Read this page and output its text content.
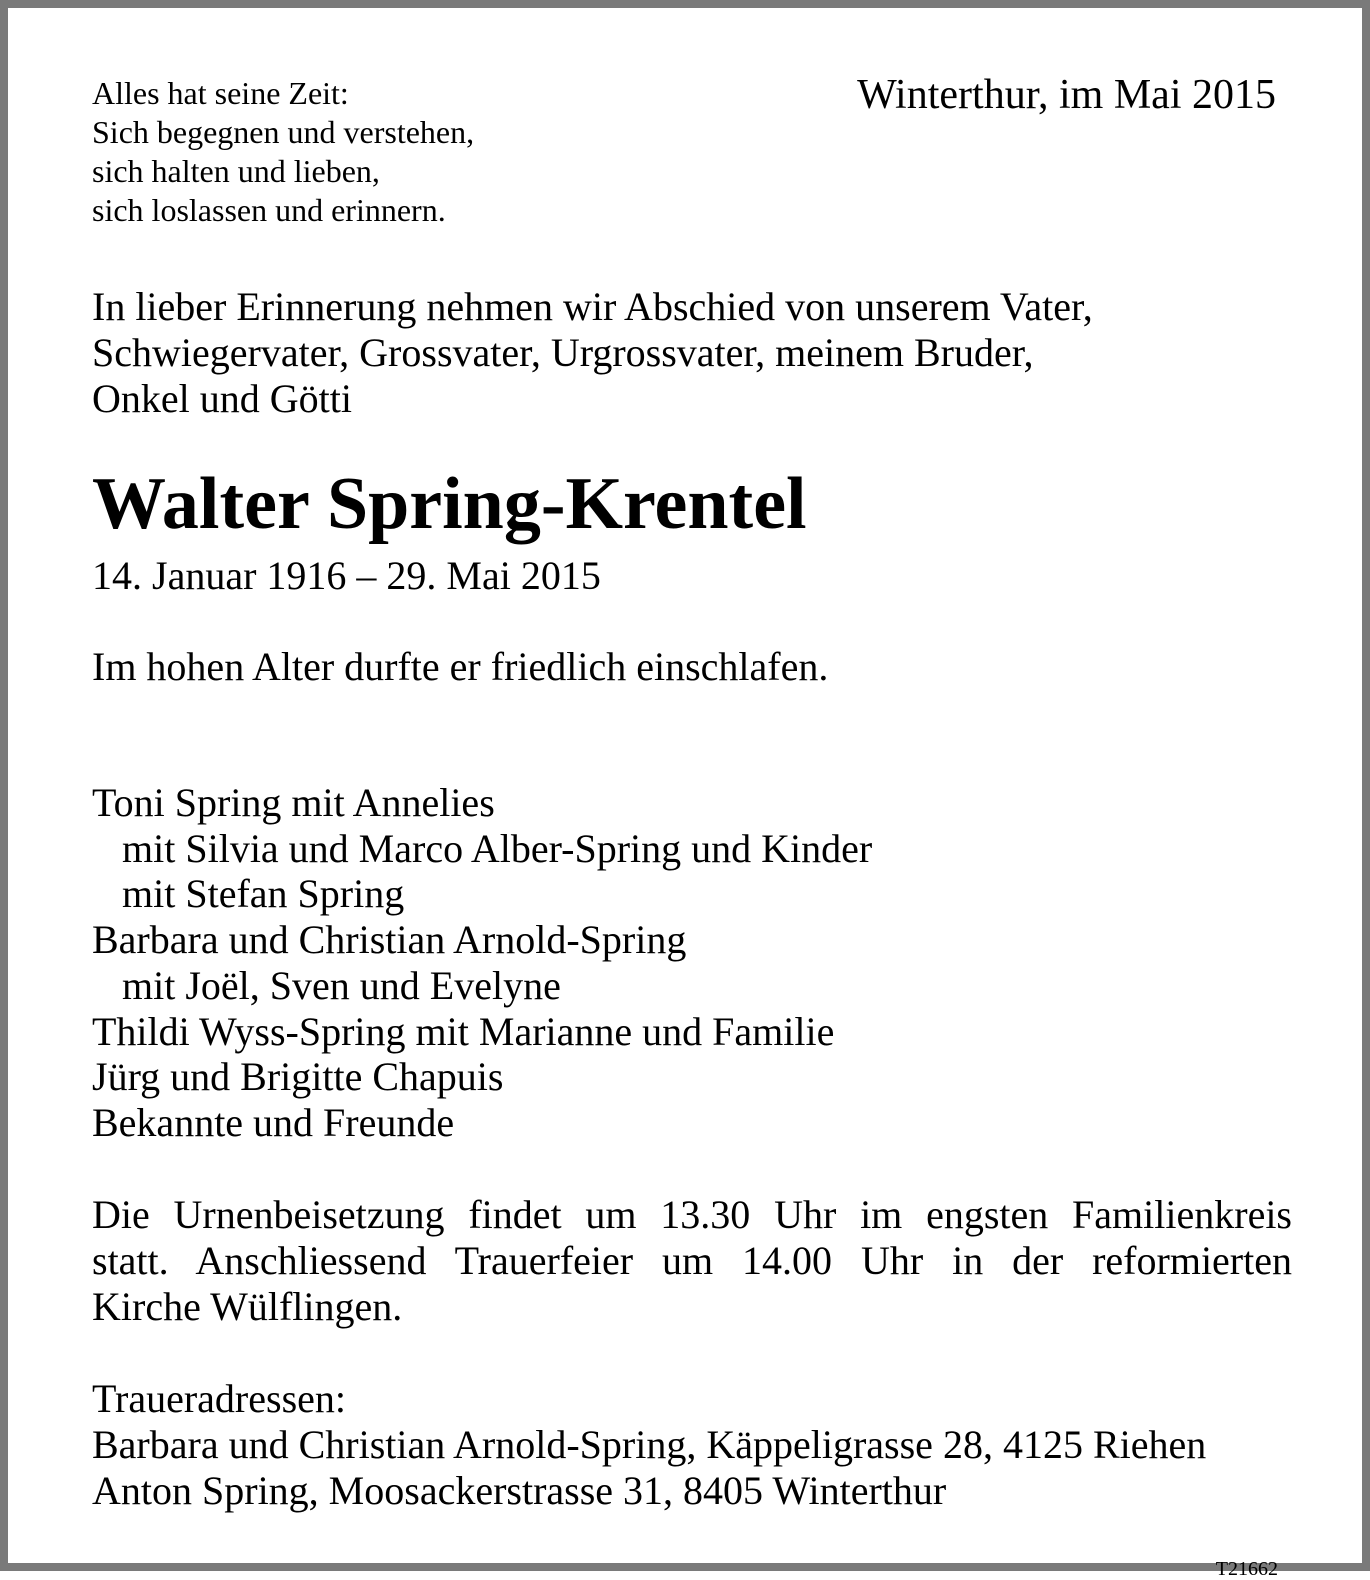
Alles hat seine Zeit:
Sich begegnen und verstehen,
sich halten und lieben,
sich loslassen und erinnern.
Winterthur, im Mai 2015
In lieber Erinnerung nehmen wir Abschied von unserem Vater,
Schwiegervater, Grossvater, Urgrossvater, meinem Bruder,
Onkel und Götti
Walter Spring-Krentel
14. Januar 1916 – 29. Mai 2015
Im hohen Alter durfte er friedlich einschlafen.
Toni Spring mit Annelies
mit Silvia und Marco Alber-Spring und Kinder
mit Stefan Spring
Barbara und Christian Arnold-Spring
mit Joël, Sven und Evelyne
Thildi Wyss-Spring mit Marianne und Familie
Jürg und Brigitte Chapuis
Bekannte und Freunde
Die Urnenbeisetzung findet um 13.30 Uhr im engsten Familienkreis
statt. Anschliessend Trauerfeier um 14.00 Uhr in der reformierten
Kirche Wülflingen.
Traueradressen:
Barbara und Christian Arnold-Spring, Käppeligrasse 28, 4125 Riehen
Anton Spring, Moosackerstrasse 31, 8405 Winterthur
T21662
